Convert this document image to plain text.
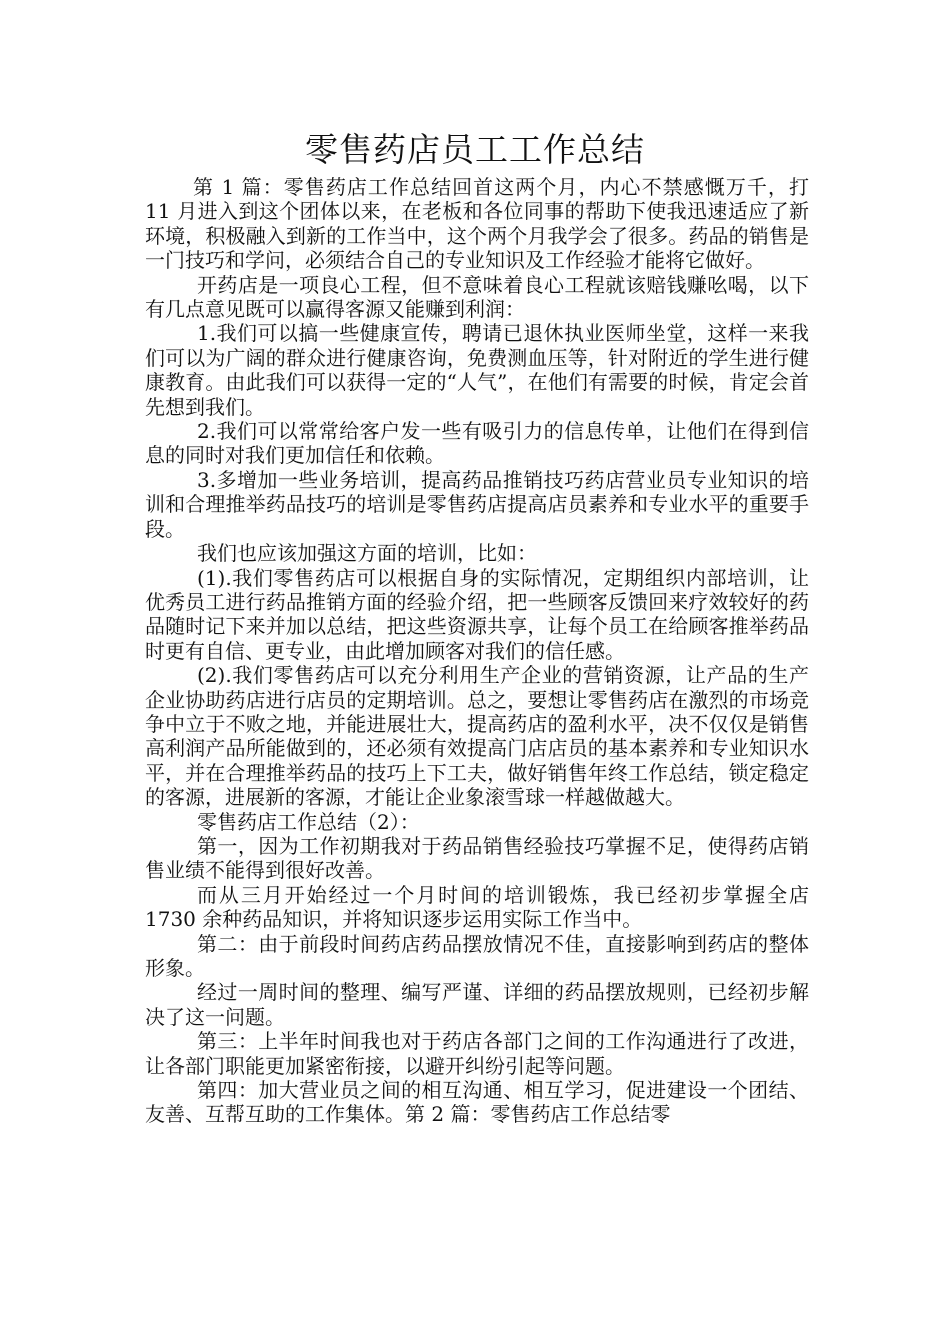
零售药店员工工作总结

第 1 篇：零售药店工作总结回首这两个月，内心不禁感慨万千，打 11 月进入到这个团体以来，在老板和各位同事的帮助下使我迅速适应了新环境，积极融入到新的工作当中，这个两个月我学会了很多。药品的销售是一门技巧和学问，必须结合自己的专业知识及工作经验才能将它做好。

开药店是一项良心工程，但不意味着良心工程就该赔钱赚吆喝，以下有几点意见既可以赢得客源又能赚到利润：

1.我们可以搞一些健康宣传，聘请已退休执业医师坐堂，这样一来我们可以为广阔的群众进行健康咨询，免费测血压等，针对附近的学生进行健康教育。由此我们可以获得一定的“人气”，在他们有需要的时候，肯定会首先想到我们。

2.我们可以常常给客户发一些有吸引力的信息传单，让他们在得到信息的同时对我们更加信任和依赖。

3.多增加一些业务培训，提高药品推销技巧药店营业员专业知识的培训和合理推举药品技巧的培训是零售药店提高店员素养和专业水平的重要手段。

我们也应该加强这方面的培训，比如：

(1).我们零售药店可以根据自身的实际情况，定期组织内部培训，让优秀员工进行药品推销方面的经验介绍，把一些顾客反馈回来疗效较好的药品随时记下来并加以总结，把这些资源共享，让每个员工在给顾客推举药品时更有自信、更专业，由此增加顾客对我们的信任感。

(2).我们零售药店可以充分利用生产企业的营销资源，让产品的生产企业协助药店进行店员的定期培训。总之，要想让零售药店在激烈的市场竞争中立于不败之地，并能进展壮大，提高药店的盈利水平，决不仅仅是销售高利润产品所能做到的，还必须有效提高门店店员的基本素养和专业知识水平，并在合理推举药品的技巧上下工夫，做好销售年终工作总结，锁定稳定的客源，进展新的客源，才能让企业象滚雪球一样越做越大。

零售药店工作总结（2）：

第一，因为工作初期我对于药品销售经验技巧掌握不足，使得药店销售业绩不能得到很好改善。

而从三月开始经过一个月时间的培训锻炼，我已经初步掌握全店 1730 余种药品知识，并将知识逐步运用实际工作当中。

第二：由于前段时间药店药品摆放情况不佳，直接影响到药店的整体形象。

经过一周时间的整理、编写严谨、详细的药品摆放规则，已经初步解决了这一问题。

第三：上半年时间我也对于药店各部门之间的工作沟通进行了改进，让各部门职能更加紧密衔接，以避开纠纷引起等问题。

第四：加大营业员之间的相互沟通、相互学习，促进建设一个团结、友善、互帮互助的工作集体。第 2 篇：零售药店工作总结零
